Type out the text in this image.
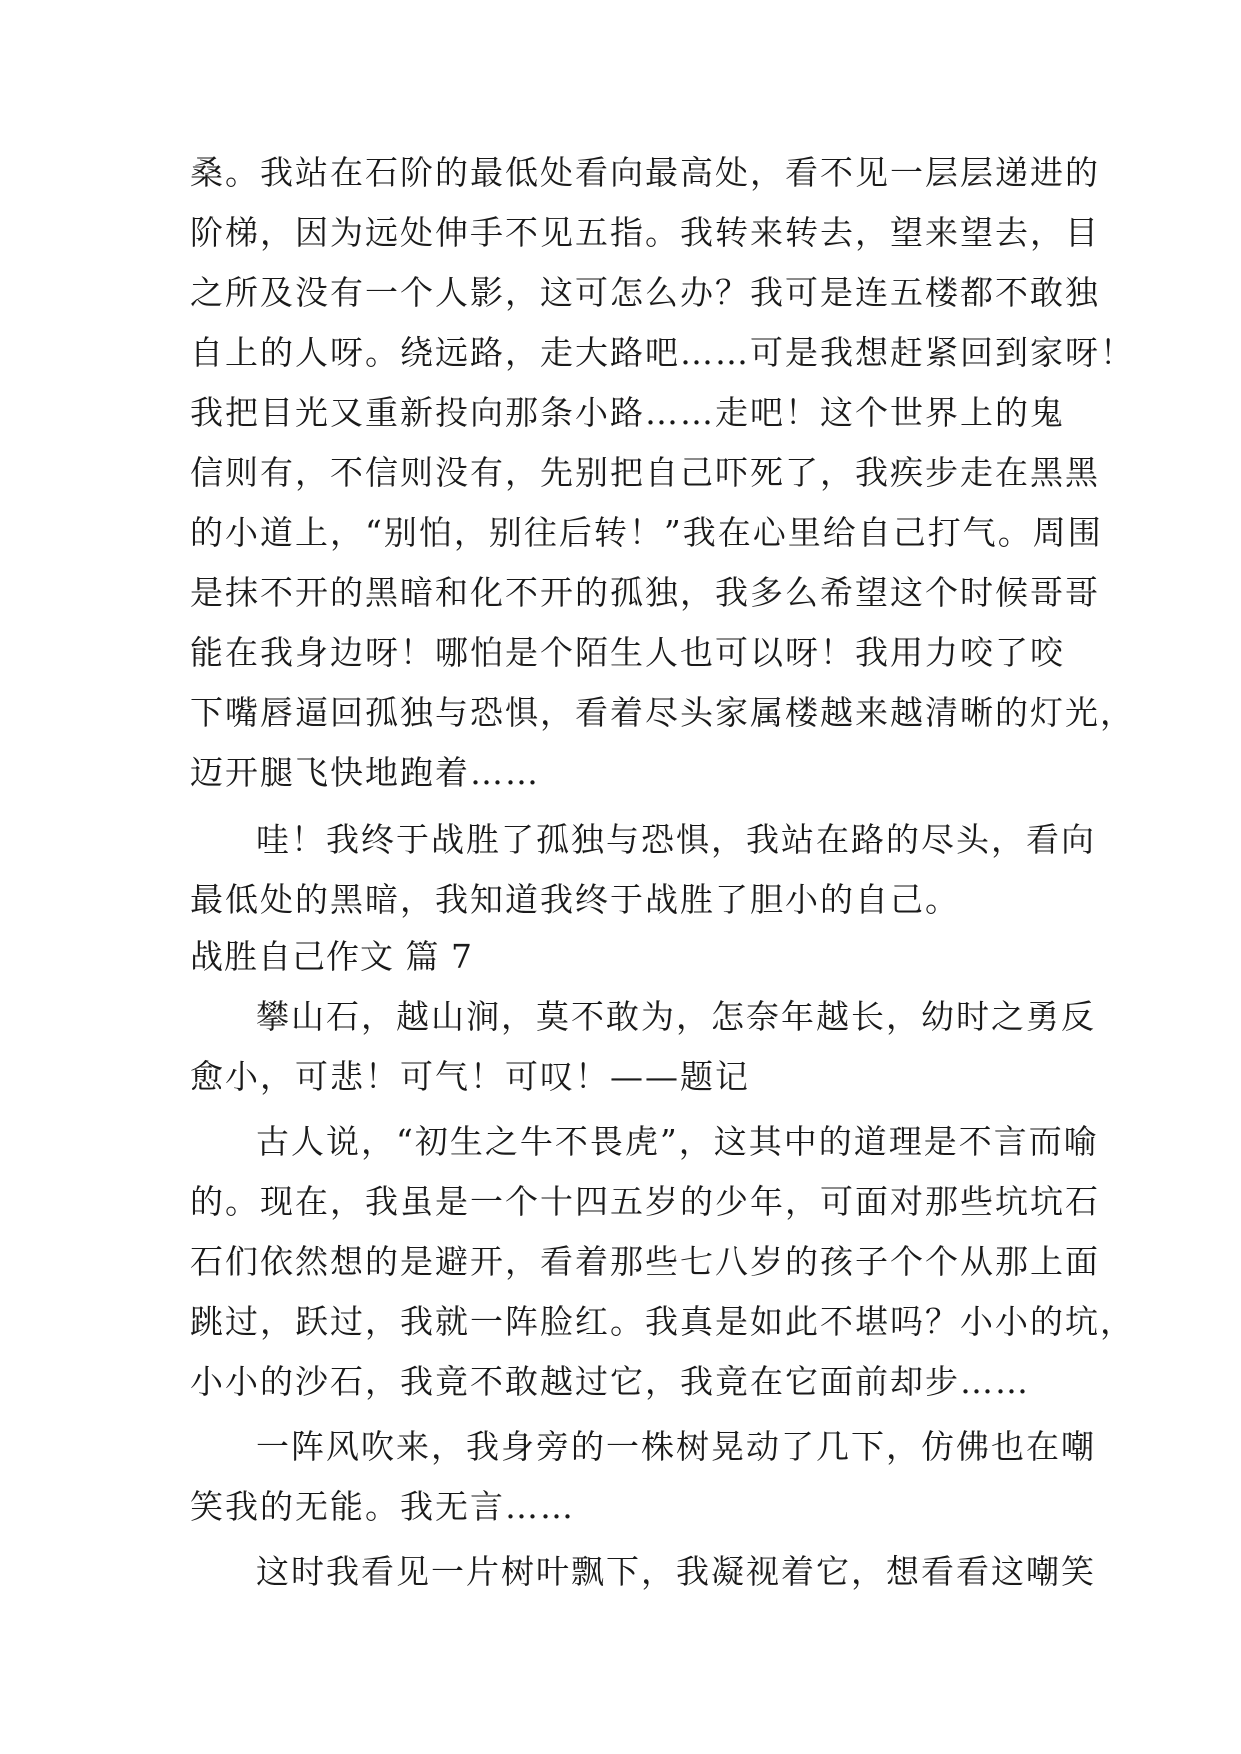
桑。我站在石阶的最低处看向最高处，看不见一层层递进的
阶梯，因为远处伸手不见五指。我转来转去，望来望去，目
之所及没有一个人影，这可怎么办？我可是连五楼都不敢独
自上的人呀。绕远路，走大路吧……可是我想赶紧回到家呀！
我把目光又重新投向那条小路……走吧！这个世界上的鬼
信则有，不信则没有，先别把自己吓死了，我疾步走在黑黑
的小道上，“别怕，别往后转！”我在心里给自己打气。周围
是抹不开的黑暗和化不开的孤独，我多么希望这个时候哥哥
能在我身边呀！哪怕是个陌生人也可以呀！我用力咬了咬
下嘴唇逼回孤独与恐惧，看着尽头家属楼越来越清晰的灯光，
迈开腿飞快地跑着……
哇！我终于战胜了孤独与恐惧，我站在路的尽头，看向
最低处的黑暗，我知道我终于战胜了胆小的自己。
战胜自己作文 篇 7
攀山石，越山涧，莫不敢为，怎奈年越长，幼时之勇反
愈小，可悲！可气！可叹！——题记
古人说，“初生之牛不畏虎”，这其中的道理是不言而喻
的。现在，我虽是一个十四五岁的少年，可面对那些坑坑石
石们依然想的是避开，看着那些七八岁的孩子个个从那上面
跳过，跃过，我就一阵脸红。我真是如此不堪吗？小小的坑，
小小的沙石，我竟不敢越过它，我竟在它面前却步……
一阵风吹来，我身旁的一株树晃动了几下，仿佛也在嘲
笑我的无能。我无言……
这时我看见一片树叶飘下，我凝视着它，想看看这嘲笑
